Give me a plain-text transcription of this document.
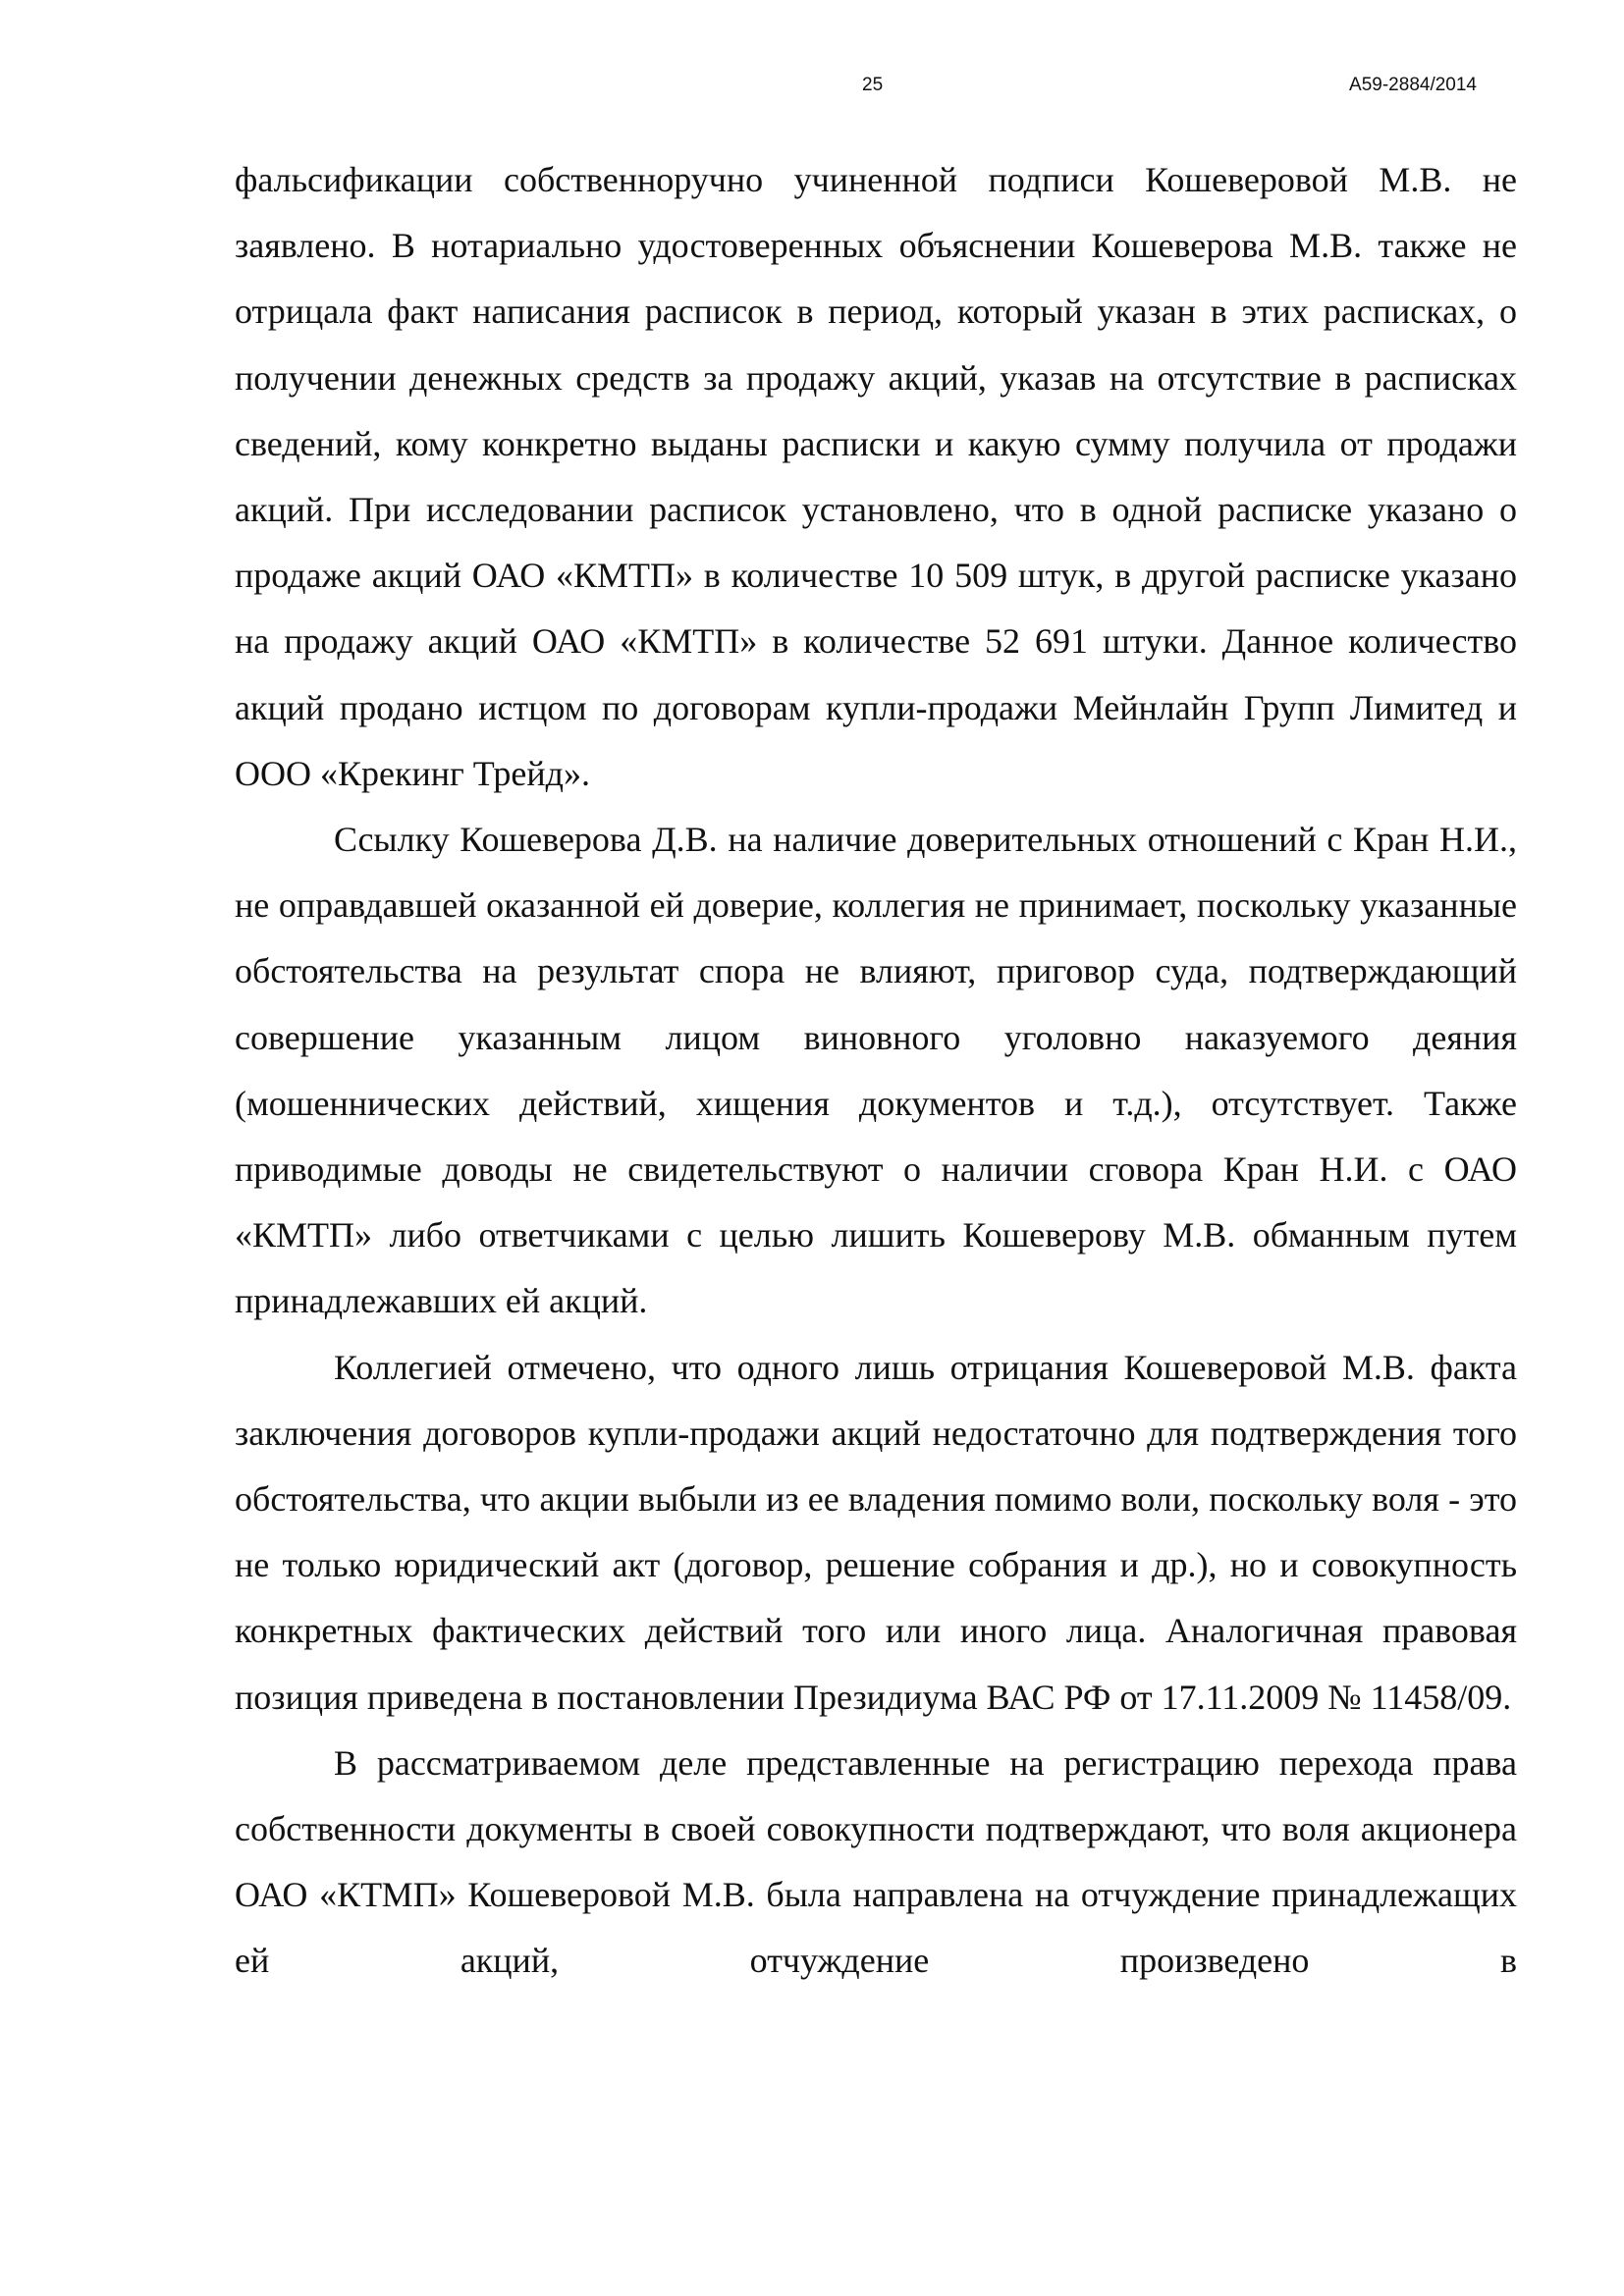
25	А59-2884/2014

фальсификации собственноручно учиненной подписи Кошеверовой М.В. не заявлено. В нотариально удостоверенных объяснении Кошеверова М.В. также не отрицала факт написания расписок в период, который указан в этих расписках, о получении денежных средств за продажу акций, указав на отсутствие в расписках сведений, кому конкретно выданы расписки и какую сумму получила от продажи акций. При исследовании расписок установлено, что в одной расписке указано о продаже акций ОАО «КМТП» в количестве 10 509 штук, в другой расписке указано на продажу акций ОАО «КМТП» в количестве 52 691 штуки. Данное количество акций продано истцом по договорам купли-продажи Мейнлайн Групп Лимитед и ООО «Крекинг Трейд».

Ссылку Кошеверова Д.В. на наличие доверительных отношений с Кран Н.И., не оправдавшей оказанной ей доверие, коллегия не принимает, поскольку указанные обстоятельства на результат спора не влияют, приговор суда, подтверждающий совершение указанным лицом виновного уголовно наказуемого деяния (мошеннических действий, хищения документов и т.д.), отсутствует. Также приводимые доводы не свидетельствуют о наличии сговора Кран Н.И. с ОАО «КМТП» либо ответчиками с целью лишить Кошеверову М.В. обманным путем принадлежавших ей акций.

Коллегией отмечено, что одного лишь отрицания Кошеверовой М.В. факта заключения договоров купли-продажи акций недостаточно для подтверждения того обстоятельства, что акции выбыли из ее владения помимо воли, поскольку воля - это не только юридический акт (договор, решение собрания и др.), но и совокупность конкретных фактических действий того или иного лица. Аналогичная правовая позиция приведена в постановлении Президиума ВАС РФ от 17.11.2009 № 11458/09.

В рассматриваемом деле представленные на регистрацию перехода права собственности документы в своей совокупности подтверждают, что воля акционера ОАО «КТМП» Кошеверовой М.В. была направлена на отчуждение принадлежащих ей акций, отчуждение произведено в
